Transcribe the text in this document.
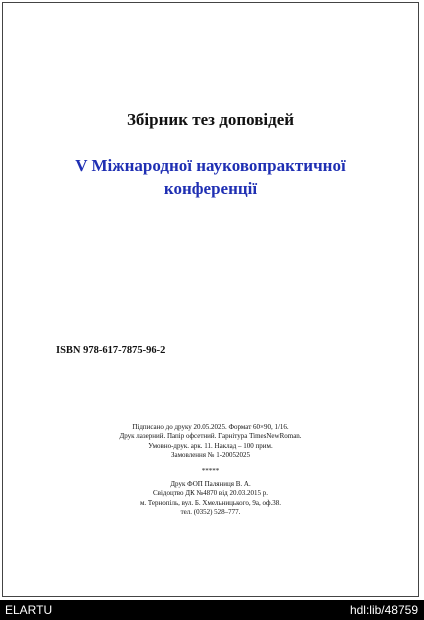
Збірник тез доповідей
V Міжнародної науковопрактичної
конференції
ISBN 978-617-7875-96-2
Підписано до друку 20.05.2025. Формат 60×90, 1/16.
Друк лазерний. Папір офсетний. Гарнітура TimesNewRoman.
Умовно-друк. арк. 11. Наклад – 100 прим.
Замовлення № 1-20052025
*****
Друк ФОП Паляниця В. А.
Свідоцтво ДК №4870 від 20.03.2015 р.
м. Тернопіль, вул. Б. Хмельницького, 9а, оф.38.
тел. (0352) 528–777.
ELARTU	hdl:lib/48759
